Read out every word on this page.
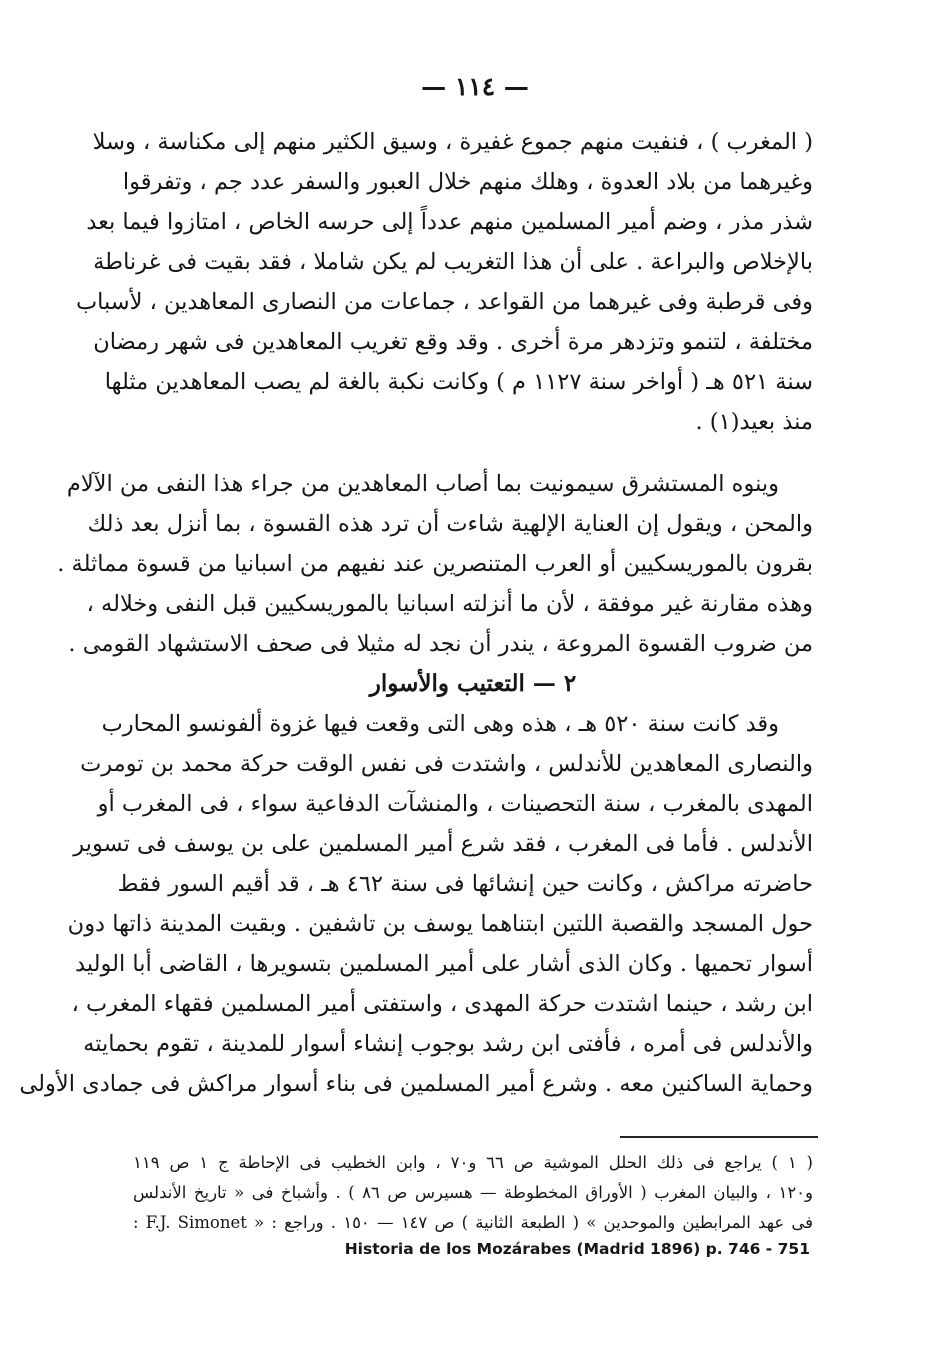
— ١١٤ —
( المغرب ) ، فنفيت منهم جموع غفيرة ، وسيق الكثير منهم إلى مكناسة ، وسلا
وغيرهما من بلاد العدوة ، وهلك منهم خلال العبور والسفر عدد جم ، وتفرقوا
شذر مذر ، وضم أمير المسلمين منهم عدداً إلى حرسه الخاص ، امتازوا فيما بعد
بالإخلاص والبراعة . على أن هذا التغريب لم يكن شاملا ، فقد بقيت فى غرناطة
وفى قرطبة وفى غيرهما من القواعد ، جماعات من النصارى المعاهدين ، لأسباب
مختلفة ، لتنمو وتزدهر مرة أخرى . وقد وقع تغريب المعاهدين فى شهر رمضان
سنة ٥٢١ هـ ( أواخر سنة ١١٢٧ م ) وكانت نكبة بالغة لم يصب المعاهدين مثلها
منذ بعيد(١) .
وينوه المستشرق سيمونيت بما أصاب المعاهدين من جراء هذا النفى من الآلام
والمحن ، ويقول إن العناية الإلهية شاءت أن ترد هذه القسوة ، بما أنزل بعد ذلك
بقرون بالموريسكيين أو العرب المتنصرين عند نفيهم من اسبانيا من قسوة مماثلة .
وهذه مقارنة غير موفقة ، لأن ما أنزلته اسبانيا بالموريسكيين قبل النفى وخلاله ،
من ضروب القسوة المروعة ، يندر أن نجد له مثيلا فى صحف الاستشهاد القومى .
٢ — التعتيب والأسوار
وقد كانت سنة ٥٢٠ هـ ، هذه وهى التى وقعت فيها غزوة ألفونسو المحارب
والنصارى المعاهدين للأندلس ، واشتدت فى نفس الوقت حركة محمد بن تومرت
المهدى بالمغرب ، سنة التحصينات ، والمنشآت الدفاعية سواء ، فى المغرب أو
الأندلس . فأما فى المغرب ، فقد شرع أمير المسلمين على بن يوسف فى تسوير
حاضرته مراكش ، وكانت حين إنشائها فى سنة ٤٦٢ هـ ، قد أقيم السور فقط
حول المسجد والقصبة اللتين ابتناهما يوسف بن تاشفين . وبقيت المدينة ذاتها دون
أسوار تحميها . وكان الذى أشار على أمير المسلمين بتسويرها ، القاضى أبا الوليد
ابن رشد ، حينما اشتدت حركة المهدى ، واستفتى أمير المسلمين فقهاء المغرب ،
والأندلس فى أمره ، فأفتى ابن رشد بوجوب إنشاء أسوار للمدينة ، تقوم بحمايته
وحماية الساكنين معه . وشرع أمير المسلمين فى بناء أسوار مراكش فى جمادى الأولى
( ١ ) يراجع فى ذلك الحلل الموشية ص ٦٦ و٧٠ ، وابن الخطيب فى الإحاطة ج ١ ص ١١٩
و١٢٠ ، والبيان المغرب ( الأوراق المخطوطة — هسيرس ص ٨٦ ) . وأشباخ فى « تاريخ الأندلس
فى عهد المرابطين والموحدين » ( الطبعة الثانية ) ص ١٤٧ — ١٥٠ . وراجع : « F.J. Simonet :
Historia de los Mozárabes (Madrid 1896) p. 746 - 751
